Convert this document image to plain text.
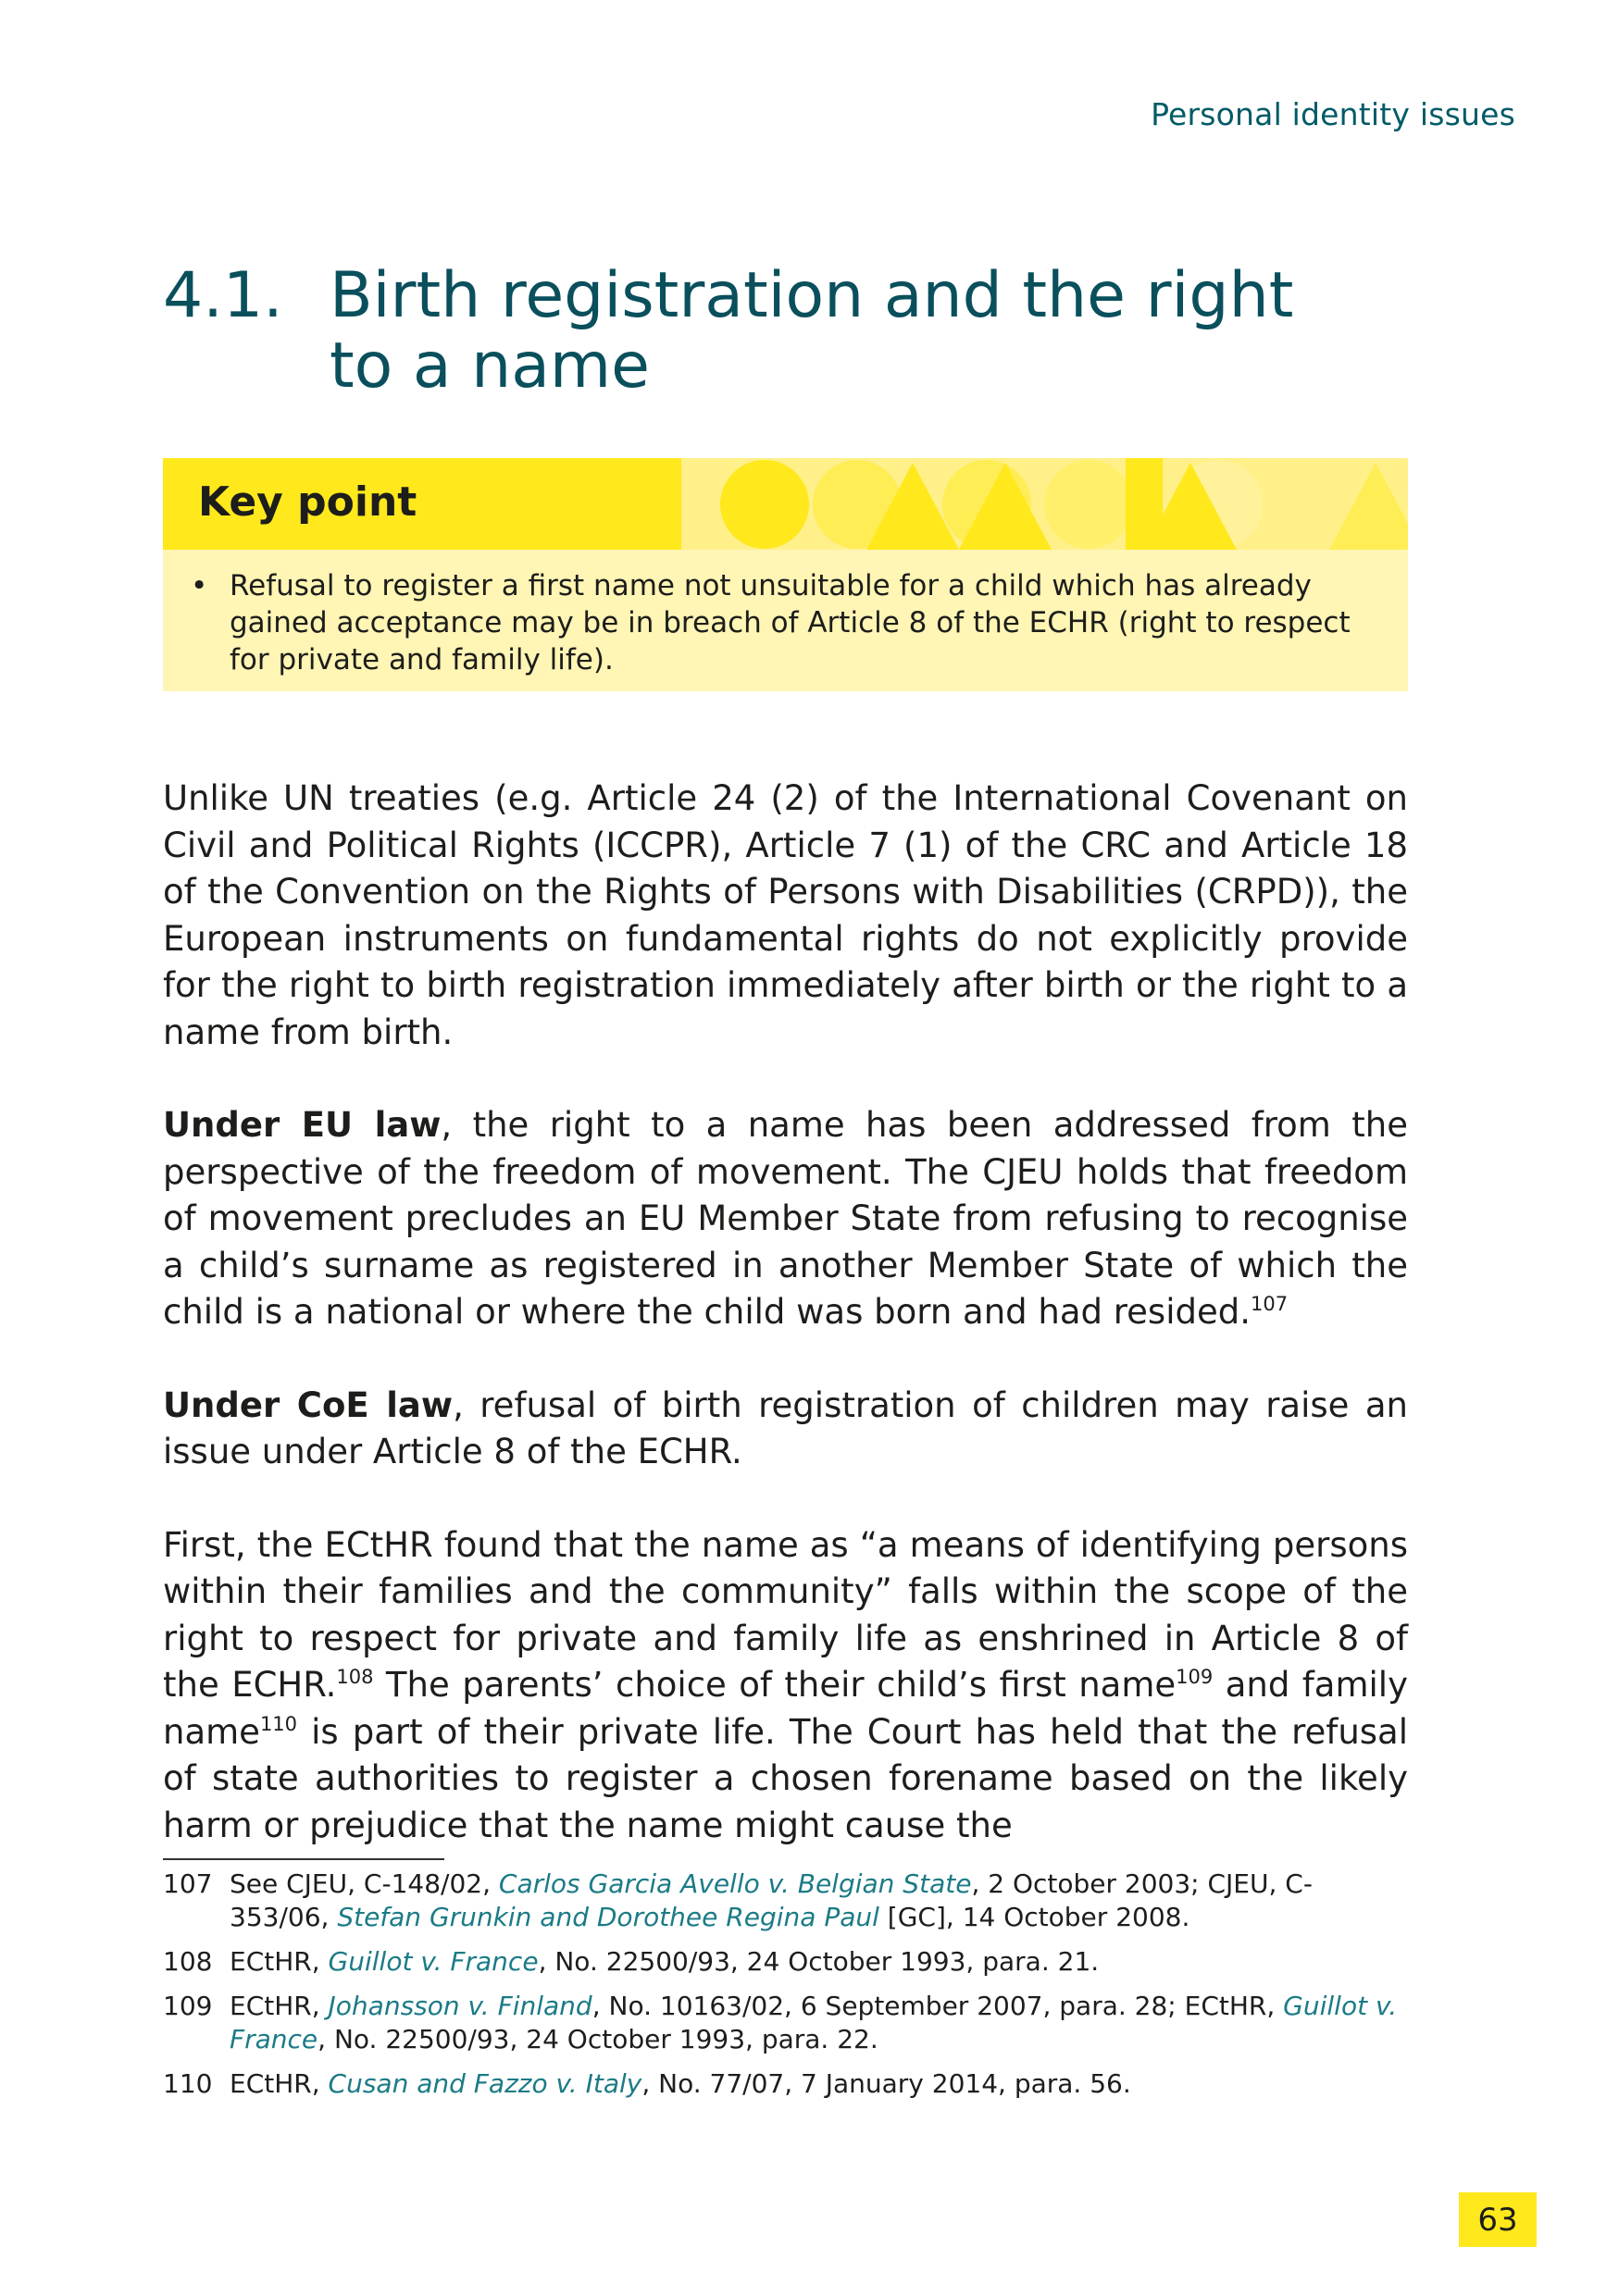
Personal identity issues
4.1. Birth registration and the right to a name
Key point
• Refusal to register a first name not unsuitable for a child which has already gained acceptance may be in breach of Article 8 of the ECHR (right to respect for private and family life).

Unlike UN treaties (e.g. Article 24 (2) of the International Covenant on Civil and Political Rights (ICCPR), Article 7 (1) of the CRC and Article 18 of the Convention on the Rights of Persons with Disabilities (CRPD)), the European instruments on fundamental rights do not explicitly provide for the right to birth registration immediately after birth or the right to a name from birth.

Under EU law, the right to a name has been addressed from the perspective of the freedom of movement. The CJEU holds that freedom of movement precludes an EU Member State from refusing to recognise a child’s surname as registered in another Member State of which the child is a national or where the child was born and had resided.$^{107}$

Under CoE law, refusal of birth registration of children may raise an issue under Article 8 of the ECHR.

First, the ECtHR found that the name as “a means of identifying persons within their families and the community” falls within the scope of the right to respect for private and family life as enshrined in Article 8 of the ECHR.$^{108}$ The parents’ choice of their child’s first name$^{109}$ and family name$^{110}$ is part of their private life. The Court has held that the refusal of state authorities to register a chosen forename based on the likely harm or prejudice that the name might cause the

107 See CJEU, C-148/02, Carlos Garcia Avello v. Belgian State, 2 October 2003; CJEU, C-353/06, Stefan Grunkin and Dorothee Regina Paul [GC], 14 October 2008.
108 ECtHR, Guillot v. France, No. 22500/93, 24 October 1993, para. 21.
109 ECtHR, Johansson v. Finland, No. 10163/02, 6 September 2007, para. 28; ECtHR, Guillot v. France, No. 22500/93, 24 October 1993, para. 22.
110 ECtHR, Cusan and Fazzo v. Italy, No. 77/07, 7 January 2014, para. 56.
63
